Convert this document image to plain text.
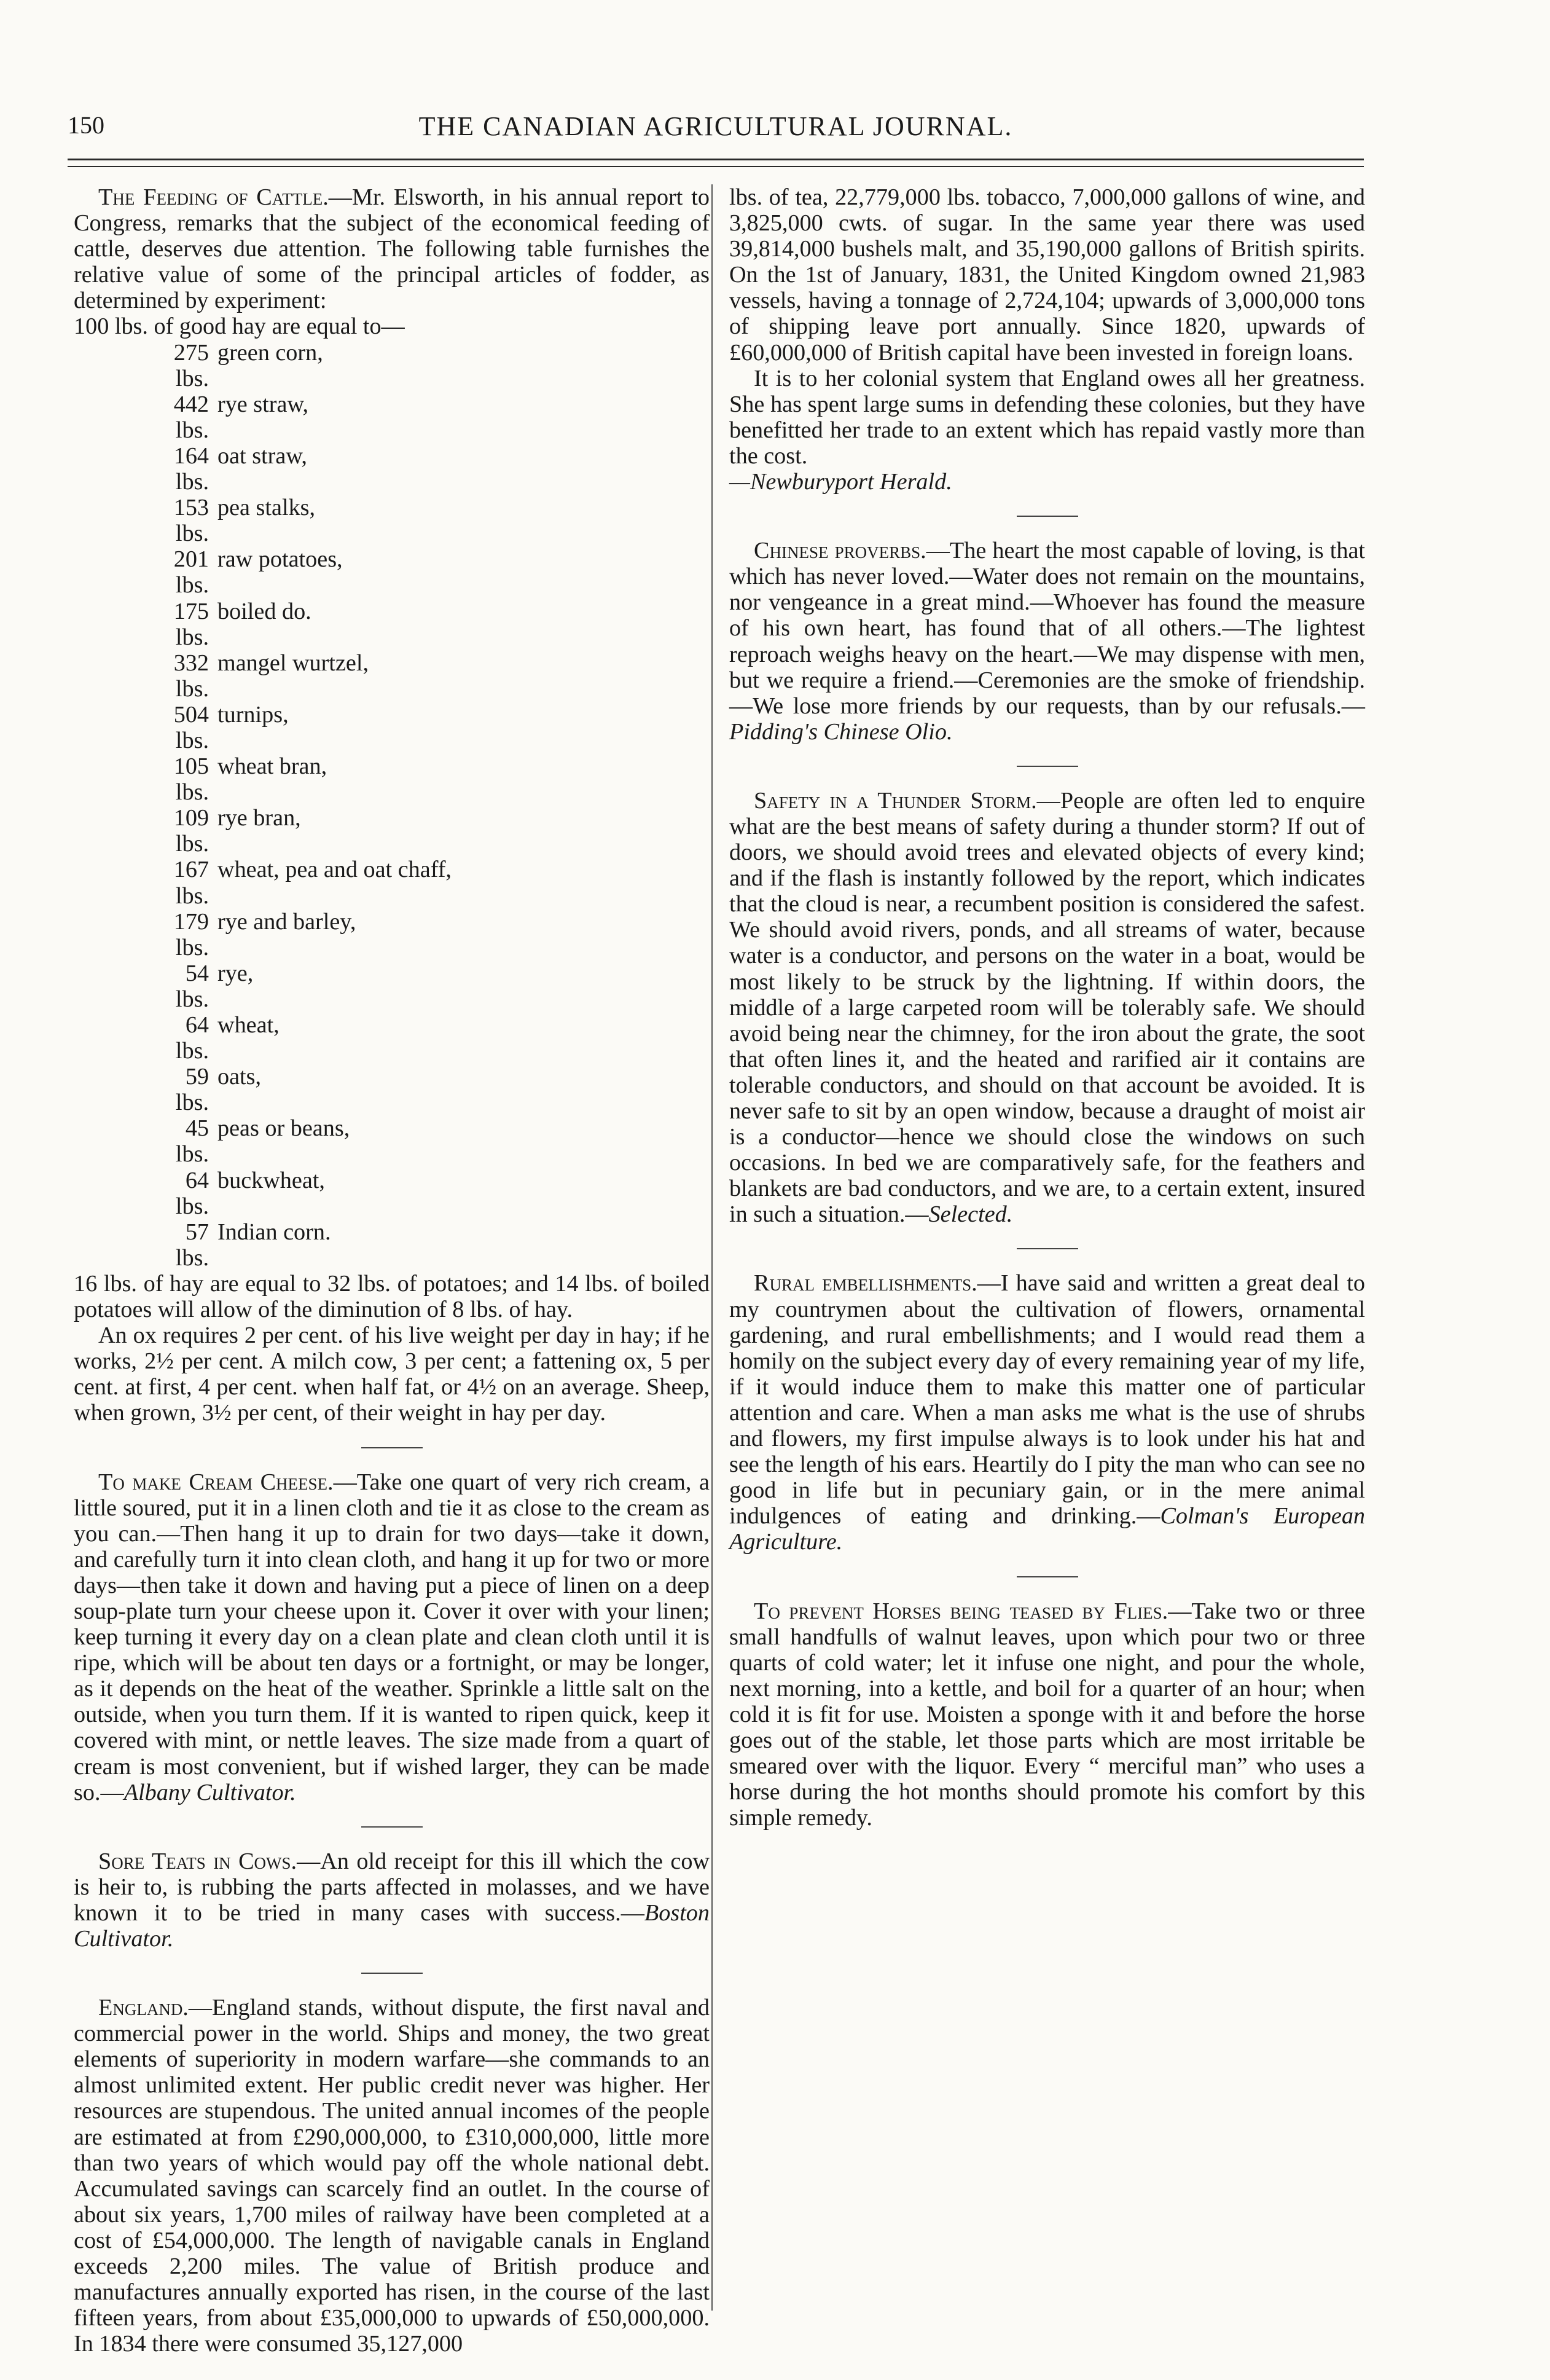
150	THE CANADIAN AGRICULTURAL JOURNAL.

The Feeding of Cattle.—Mr. Elsworth, in his annual report to Congress, remarks that the subject of the economical feeding of cattle, deserves due attention. The following table furnishes the relative value of some of the principal articles of fodder, as determined by experiment:

100 lbs. of good hay are equal to—

275 lbs.
green corn,
442 lbs.
rye straw,
164 lbs.
oat straw,
153 lbs.
pea stalks,
201 lbs.
raw potatoes,
175 lbs.
boiled do.
332 lbs.
mangel wurtzel,
504 lbs.
turnips,
105 lbs.
wheat bran,
109 lbs.
rye bran,
167 lbs.
wheat, pea and oat chaff,
179 lbs.
rye and barley,
54 lbs.
rye,
64 lbs.
wheat,
59 lbs.
oats,
45 lbs.
peas or beans,
64 lbs.
buckwheat,
57 lbs.
Indian corn.

16 lbs. of hay are equal to 32 lbs. of potatoes; and 14 lbs. of boiled potatoes will allow of the diminution of 8 lbs. of hay.

An ox requires 2 per cent. of his live weight per day in hay; if he works, 2½ per cent. A milch cow, 3 per cent; a fattening ox, 5 per cent. at first, 4 per cent. when half fat, or 4½ on an average. Sheep, when grown, 3½ per cent, of their weight in hay per day.

To make Cream Cheese.—Take one quart of very rich cream, a little soured, put it in a linen cloth and tie it as close to the cream as you can.—Then hang it up to drain for two days—take it down, and carefully turn it into clean cloth, and hang it up for two or more days—then take it down and having put a piece of linen on a deep soup-plate turn your cheese upon it. Cover it over with your linen; keep turning it every day on a clean plate and clean cloth until it is ripe, which will be about ten days or a fortnight, or may be longer, as it depends on the heat of the weather. Sprinkle a little salt on the outside, when you turn them. If it is wanted to ripen quick, keep it covered with mint, or nettle leaves. The size made from a quart of cream is most convenient, but if wished larger, they can be made so.—Albany Cultivator.

Sore Teats in Cows.—An old receipt for this ill which the cow is heir to, is rubbing the parts affected in molasses, and we have known it to be tried in many cases with success.—Boston Cultivator.

England.—England stands, without dispute, the first naval and commercial power in the world. Ships and money, the two great elements of superiority in modern warfare—she commands to an almost unlimited extent. Her public credit never was higher. Her resources are stupendous. The united annual incomes of the people are estimated at from £290,000,000, to £310,000,000, little more than two years of which would pay off the whole national debt. Accumulated savings can scarcely find an outlet. In the course of about six years, 1,700 miles of railway have been completed at a cost of £54,000,000. The length of navigable canals in England exceeds 2,200 miles. The value of British produce and manufactures annually exported has risen, in the course of the last fifteen years, from about £35,000,000 to upwards of £50,000,000. In 1834 there were consumed 35,127,000

lbs. of tea, 22,779,000 lbs. tobacco, 7,000,000 gallons of wine, and 3,825,000 cwts. of sugar. In the same year there was used 39,814,000 bushels malt, and 35,190,000 gallons of British spirits. On the 1st of January, 1831, the United Kingdom owned 21,983 vessels, having a tonnage of 2,724,104; upwards of 3,000,000 tons of shipping leave port annually. Since 1820, upwards of £60,000,000 of British capital have been invested in foreign loans.

It is to her colonial system that England owes all her greatness. She has spent large sums in defending these colonies, but they have benefitted her trade to an extent which has repaid vastly more than the cost.

—Newburyport Herald.

Chinese proverbs.—The heart the most capable of loving, is that which has never loved.—Water does not remain on the mountains, nor vengeance in a great mind.—Whoever has found the measure of his own heart, has found that of all others.—The lightest reproach weighs heavy on the heart.—We may dispense with men, but we require a friend.—Ceremonies are the smoke of friendship.—We lose more friends by our requests, than by our refusals.—Pidding's Chinese Olio.

Safety in a Thunder Storm.—People are often led to enquire what are the best means of safety during a thunder storm? If out of doors, we should avoid trees and elevated objects of every kind; and if the flash is instantly followed by the report, which indicates that the cloud is near, a recumbent position is considered the safest. We should avoid rivers, ponds, and all streams of water, because water is a conductor, and persons on the water in a boat, would be most likely to be struck by the lightning. If within doors, the middle of a large carpeted room will be tolerably safe. We should avoid being near the chimney, for the iron about the grate, the soot that often lines it, and the heated and rarified air it contains are tolerable conductors, and should on that account be avoided. It is never safe to sit by an open window, because a draught of moist air is a conductor—hence we should close the windows on such occasions. In bed we are comparatively safe, for the feathers and blankets are bad conductors, and we are, to a certain extent, insured in such a situation.—Selected.

Rural embellishments.—I have said and written a great deal to my countrymen about the cultivation of flowers, ornamental gardening, and rural embellishments; and I would read them a homily on the subject every day of every remaining year of my life, if it would induce them to make this matter one of particular attention and care. When a man asks me what is the use of shrubs and flowers, my first impulse always is to look under his hat and see the length of his ears. Heartily do I pity the man who can see no good in life but in pecuniary gain, or in the mere animal indulgences of eating and drinking.—Colman's European Agriculture.

To prevent Horses being teased by Flies.—Take two or three small handfulls of walnut leaves, upon which pour two or three quarts of cold water; let it infuse one night, and pour the whole, next morning, into a kettle, and boil for a quarter of an hour; when cold it is fit for use. Moisten a sponge with it and before the horse goes out of the stable, let those parts which are most irritable be smeared over with the liquor. Every “ merciful man” who uses a horse during the hot months should promote his comfort by this simple remedy.
